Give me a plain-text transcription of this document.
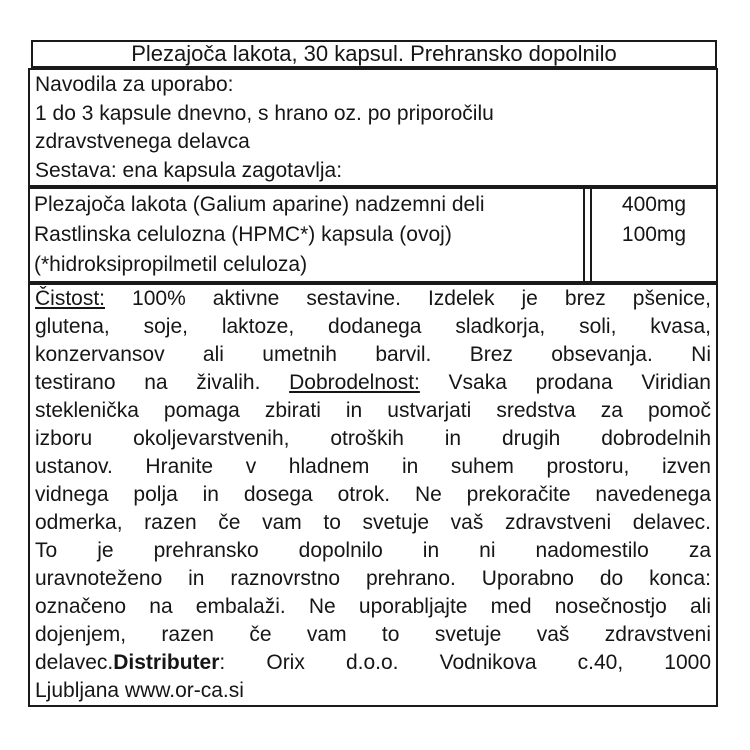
Plezajoča lakota, 30 kapsul. Prehransko dopolnilo
Navodila za uporabo:
1 do 3 kapsule dnevno, s hrano oz. po priporočilu
zdravstvenega delavca
Sestava: ena kapsula zagotavlja:
Plezajoča lakota (Galium aparine) nadzemni deli
Rastlinska celulozna (HPMC*) kapsula (ovoj)
(*hidroksipropilmetil celuloza)
400mg
100mg
Čistost: 100% aktivne sestavine. Izdelek je brez pšenice,
glutena, soje, laktoze, dodanega sladkorja, soli, kvasa,
konzervansov ali umetnih barvil. Brez obsevanja. Ni
testirano na živalih. Dobrodelnost: Vsaka prodana Viridian
steklenička pomaga zbirati in ustvarjati sredstva za pomoč
izboru okoljevarstvenih, otroških in drugih dobrodelnih
ustanov. Hranite v hladnem in suhem prostoru, izven
vidnega polja in dosega otrok. Ne prekoračite navedenega
odmerka, razen če vam to svetuje vaš zdravstveni delavec.
To je prehransko dopolnilo in ni nadomestilo za
uravnoteženo in raznovrstno prehrano. Uporabno do konca:
označeno na embalaži. Ne uporabljajte med nosečnostjo ali
dojenjem, razen če vam to svetuje vaš zdravstveni
delavec.Distributer: Orix d.o.o. Vodnikova c.40, 1000
Ljubljana www.or-ca.si
